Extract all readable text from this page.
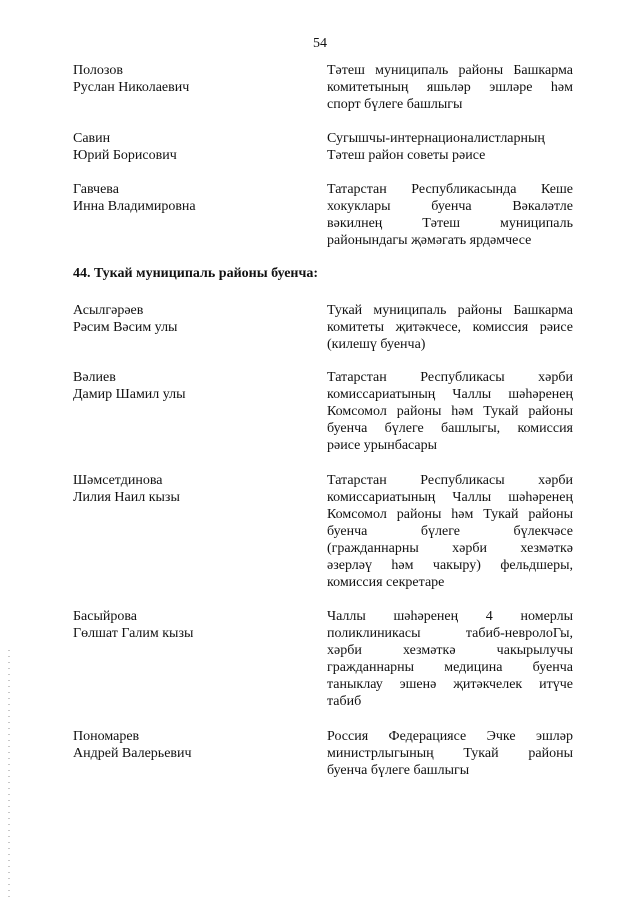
54
Полозов
Руслан Николаевич
Тәтеш муниципаль районы Башкарма
комитетының яшьләр эшләре һәм
спорт бүлеге башлыгы
Савин
Юрий Борисович
Сугышчы-интернационалистларның
Тәтеш район советы рәисе
Гавчева
Инна Владимировна
Татарстан Республикасында Кеше
хокуклары буенча Вәкаләтле
вәкилнең Тәтеш муниципаль
районындагы җәмәгать ярдәмчесе
44. Тукай муниципаль районы буенча:
Асылгәрәев
Рәсим Вәсим улы
Тукай муниципаль районы Башкарма
комитеты җитәкчесе, комиссия рәисе
(килешү буенча)
Вәлиев
Дамир Шамил улы
Татарстан Республикасы хәрби
комиссариатының Чаллы шәһәренең
Комсомол районы һәм Тукай районы
буенча бүлеге башлыгы, комиссия
рәисе урынбасары
Шәмсетдинова
Лилия Наил кызы
Татарстан Республикасы хәрби
комиссариатының Чаллы шәһәренең
Комсомол районы һәм Тукай районы
буенча бүлеге бүлекчәсе
(гражданнарны хәрби хезмәткә
әзерләү һәм чакыру) фельдшеры,
комиссия секретаре
Басыйрова
Гөлшат Галим кызы
Чаллы шәһәренең 4 номерлы
поликлиникасы табиб-невролоГы,
хәрби хезмәткә чакырылучы
гражданнарны медицина буенча
таныклау эшенә җитәкчелек итүче
табиб
Пономарев
Андрей Валерьевич
Россия Федерациясе Эчке эшләр
министрлыгының Тукай районы
буенча бүлеге башлыгы
